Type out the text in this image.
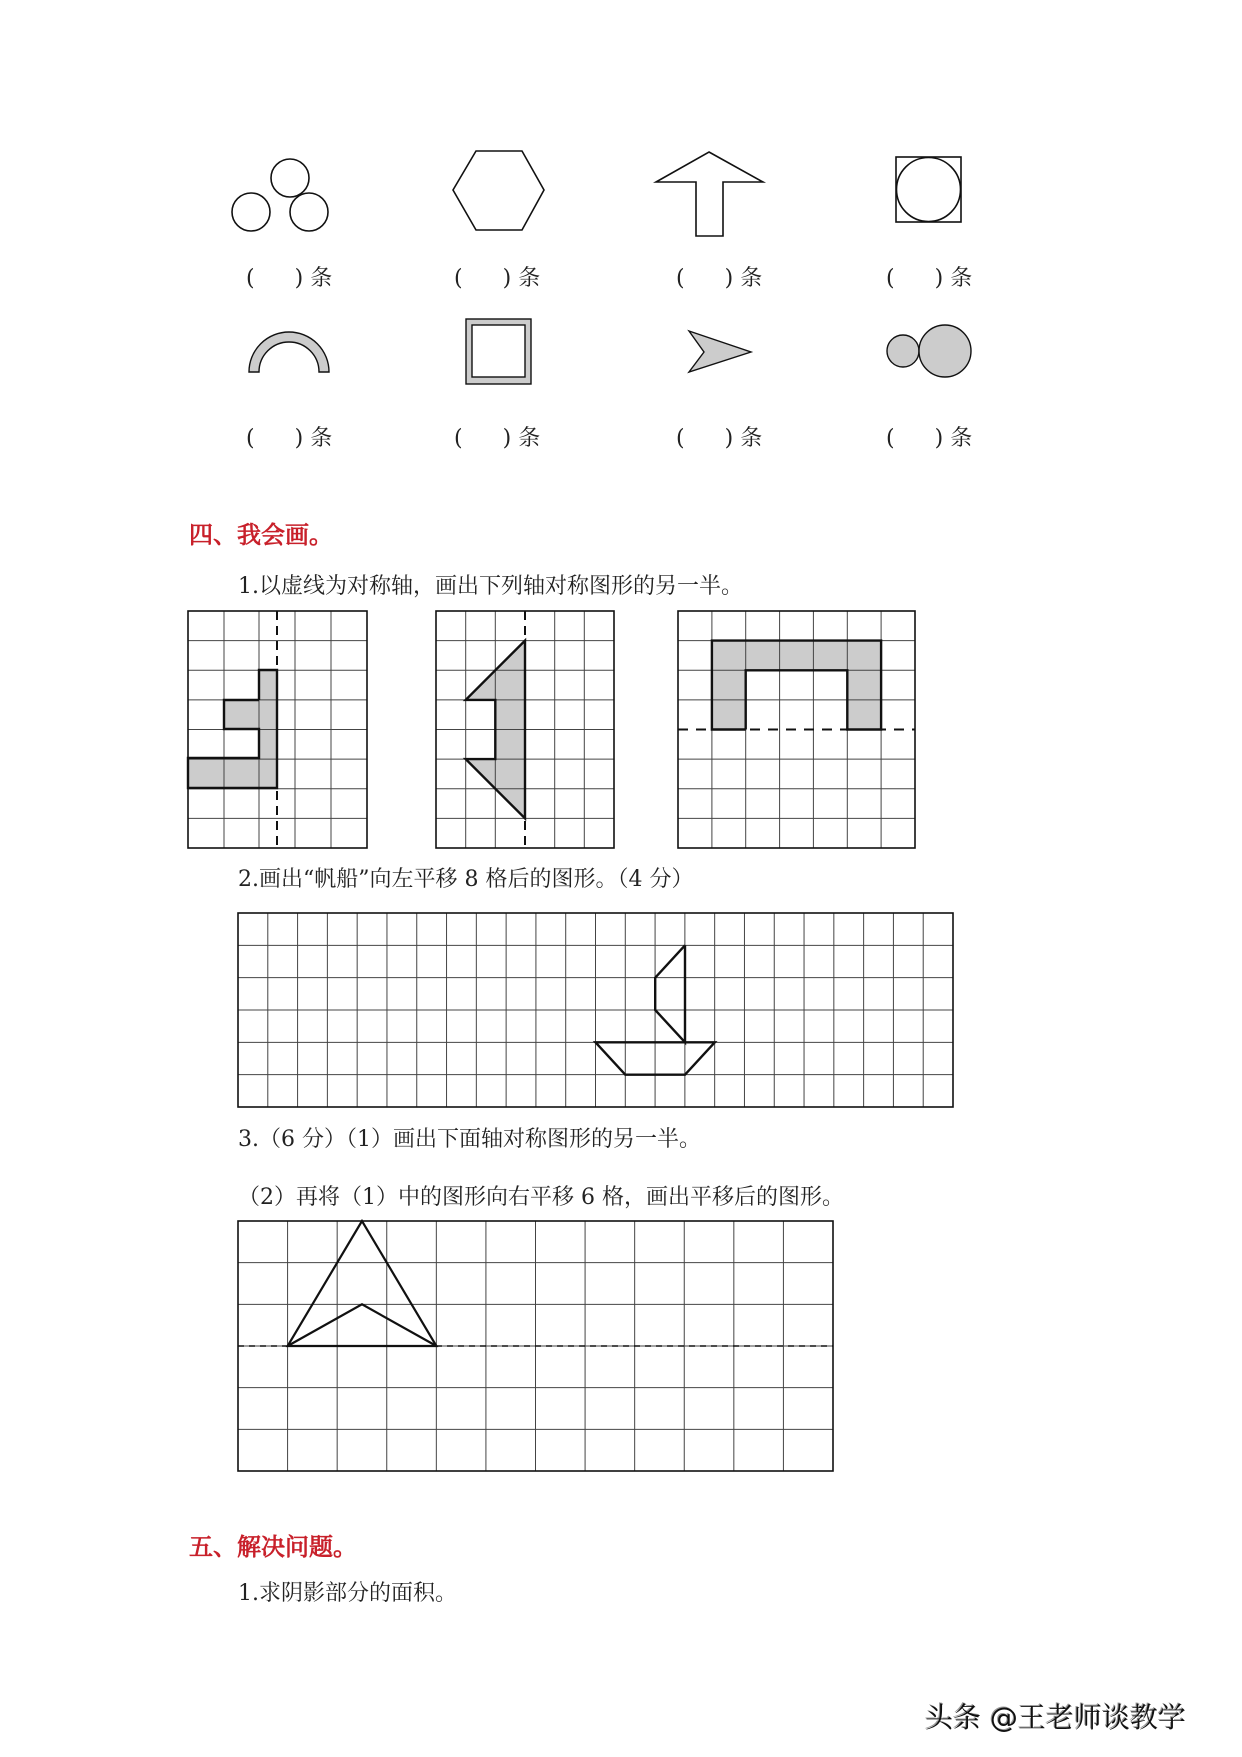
( ) 条	( ) 条	( ) 条	( ) 条
( ) 条	( ) 条	( ) 条	( ) 条
四、我会画。
1.以虚线为对称轴，画出下列轴对称图形的另一半。
2.画出“帆船”向左平移 8 格后的图形。（4 分）
3.（6 分）（1）画出下面轴对称图形的另一半。
（2）再将（1）中的图形向右平移 6 格，画出平移后的图形。
五、解决问题。
1.求阴影部分的面积。
头条 @王老师谈教学
